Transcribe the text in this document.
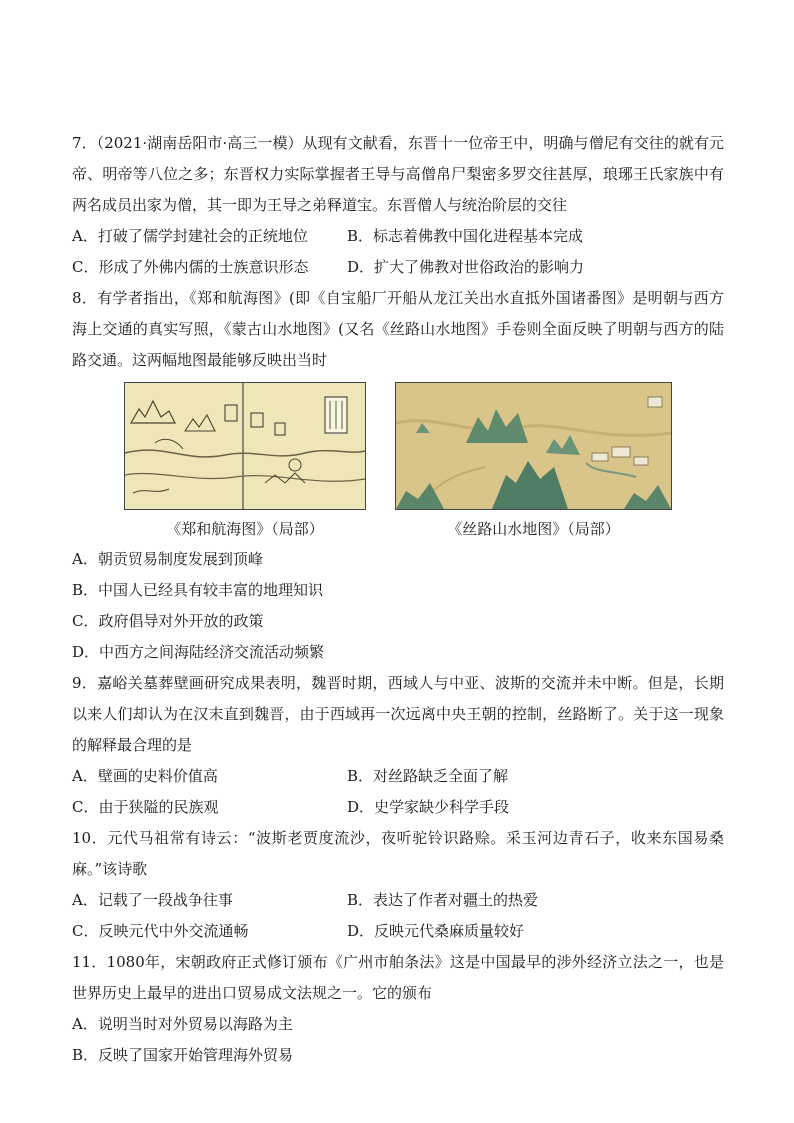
7．（2021·湖南岳阳市·高三一模）从现有文献看，东晋十一位帝王中，明确与僧尼有交往的就有元帝、明帝等八位之多；东晋权力实际掌握者王导与高僧帛尸梨密多罗交往甚厚，琅琊王氏家族中有两名成员出家为僧，其一即为王导之弟释道宝。东晋僧人与统治阶层的交往
A．打破了儒学封建社会的正统地位	B．标志着佛教中国化进程基本完成
C．形成了外佛内儒的士族意识形态	D．扩大了佛教对世俗政治的影响力
8．有学者指出，《郑和航海图》(即《自宝船厂开船从龙江关出水直抵外国诸番图》是明朝与西方海上交通的真实写照，《蒙古山水地图》(又名《丝路山水地图》手卷则全面反映了明朝与西方的陆路交通。这两幅地图最能够反映出当时
《郑和航海图》（局部）	《丝路山水地图》（局部）
A．朝贡贸易制度发展到顶峰
B．中国人已经具有较丰富的地理知识
C．政府倡导对外开放的政策
D．中西方之间海陆经济交流活动频繁
9．嘉峪关墓葬壁画研究成果表明，魏晋时期，西域人与中亚、波斯的交流并未中断。但是，长期以来人们却认为在汉末直到魏晋，由于西域再一次远离中央王朝的控制，丝路断了。关于这一现象的解释最合理的是
A．壁画的史料价值高	B．对丝路缺乏全面了解
C．由于狭隘的民族观	D．史学家缺少科学手段
10．元代马祖常有诗云：“波斯老贾度流沙，夜听驼铃识路赊。采玉河边青石子，收来东国易桑麻。”该诗歌
A．记载了一段战争往事	B．表达了作者对疆土的热爱
C．反映元代中外交流通畅	D．反映元代桑麻质量较好
11．1080年，宋朝政府正式修订颁布《广州市舶条法》这是中国最早的涉外经济立法之一，也是世界历史上最早的进出口贸易成文法规之一。它的颁布
A．说明当时对外贸易以海路为主
B．反映了国家开始管理海外贸易
